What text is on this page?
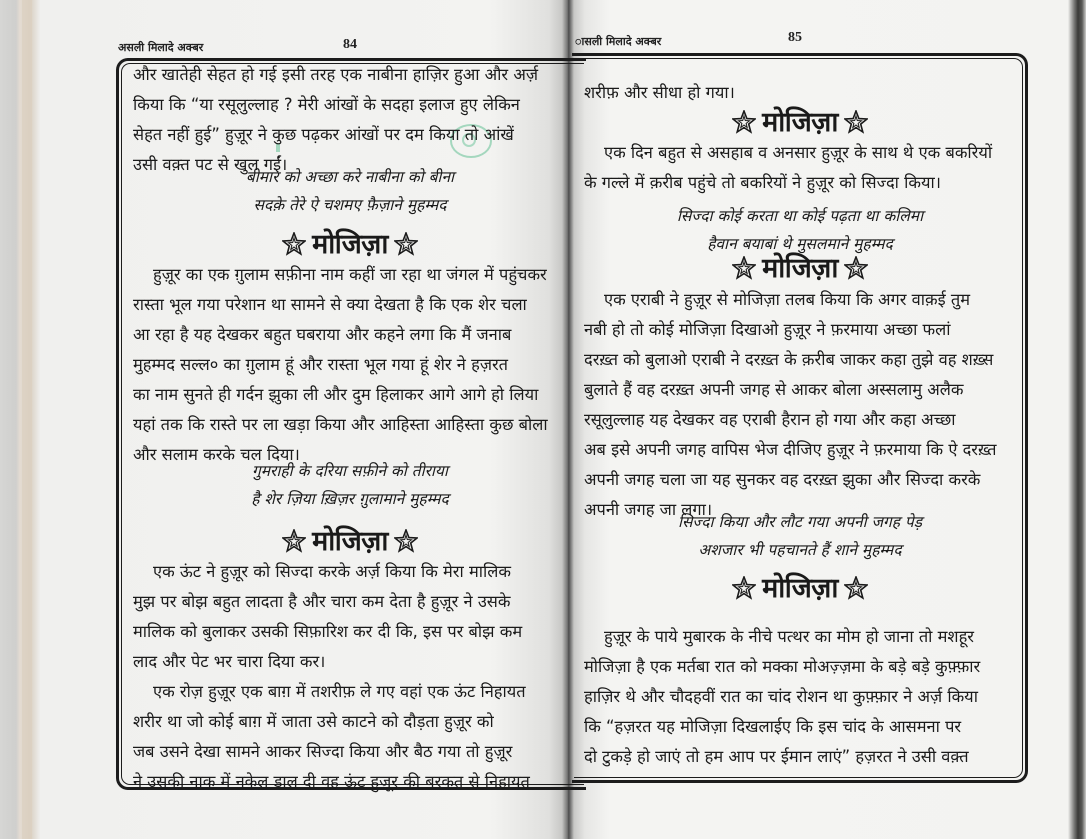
असली मिलादे अक्बर	84
और खातेही सेहत हो गई इसी तरह एक नाबीना हाज़िर हुआ और अर्ज़
किया कि “या रसूलुल्लाह ? मेरी आंखों के सदहा इलाज हुए लेकिन
सेहत नहीं हुई” हुज़ूर ने कुछ पढ़कर आंखों पर दम किया तो आंखें
उसी वक़्त पट से खुल गईं।
बीमार को अच्छा करे नाबीना को बीना
सदक़े तेरे ऐ चशमए फ़ैज़ाने मुहम्मद
मोजिज़ा
हुज़ूर का एक ग़ुलाम सफ़ीना नाम कहीं जा रहा था जंगल में पहुंचकर
रास्ता भूल गया परेशान था सामने से क्या देखता है कि एक शेर चला
आ रहा है यह देखकर बहुत घबराया और कहने लगा कि मैं जनाब
मुहम्मद सल्ल० का ग़ुलाम हूं और रास्ता भूल गया हूं शेर ने हज़रत
का नाम सुनते ही गर्दन झुका ली और दुम हिलाकर आगे आगे हो लिया
यहां तक कि रास्ते पर ला खड़ा किया और आहिस्ता आहिस्ता कुछ बोला
और सलाम करके चल दिया।
गुमराही के दरिया सफ़ीने को तीराया
है शेर ज़िया ख़िज़र ग़ुलामाने मुहम्मद
मोजिज़ा
एक ऊंट ने हुज़ूर को सिज्दा करके अर्ज़ किया कि मेरा मालिक
मुझ पर बोझ बहुत लादता है और चारा कम देता है हुज़ूर ने उसके
मालिक को बुलाकर उसकी सिफ़ारिश कर दी कि, इस पर बोझ कम
लाद और पेट भर चारा दिया कर।
एक रोज़ हुज़ूर एक बाग़ में तशरीफ़ ले गए वहां एक ऊंट निहायत
शरीर था जो कोई बाग़ में जाता उसे काटने को दौड़ता हुज़ूर को
जब उसने देखा सामने आकर सिज्दा किया और बैठ गया तो हुज़ूर
ने उसकी नाक में नकेल डाल दी वह ऊंट हुज़ूर की बरकत से निहायत
ासली मिलादे अक्बर	85
शरीफ़ और सीधा हो गया।
मोजिज़ा
एक दिन बहुत से असहाब व अनसार हुज़ूर के साथ थे एक बकरियों
के गल्ले में क़रीब पहुंचे तो बकरियों ने हुज़ूर को सिज्दा किया।
सिज्दा कोई करता था कोई पढ़ता था कलिमा
हैवान बयाबां थे मुसलमाने मुहम्मद
मोजिज़ा
एक एराबी ने हुज़ूर से मोजिज़ा तलब किया कि अगर वाक़ई तुम
नबी हो तो कोई मोजिज़ा दिखाओ हुज़ूर ने फ़रमाया अच्छा फलां
दरख़्त को बुलाओ एराबी ने दरख़्त के क़रीब जाकर कहा तुझे वह शख़्स
बुलाते हैं वह दरख़्त अपनी जगह से आकर बोला अस्सलामु अलैक
रसूलुल्लाह यह देखकर वह एराबी हैरान हो गया और कहा अच्छा
अब इसे अपनी जगह वापिस भेज दीजिए हुज़ूर ने फ़रमाया कि ऐ दरख़्त
अपनी जगह चला जा यह सुनकर वह दरख़्त झुका और सिज्दा करके
अपनी जगह जा लगा।
सिज्दा किया और लौट गया अपनी जगह पेड़
अशजार भी पहचानते हैं शाने मुहम्मद
मोजिज़ा
हुज़ूर के पाये मुबारक के नीचे पत्थर का मोम हो जाना तो मशहूर
मोजिज़ा है एक मर्तबा रात को मक्का मोअज़्ज़मा के बड़े बड़े कुफ़्फ़ार
हाज़िर थे और चौदहवीं रात का चांद रोशन था कुफ़्फ़ार ने अर्ज़ किया
कि “हज़रत यह मोजिज़ा दिखलाईए कि इस चांद के आसमना पर
दो टुकड़े हो जाएं तो हम आप पर ईमान लाएं” हज़रत ने उसी वक़्त
